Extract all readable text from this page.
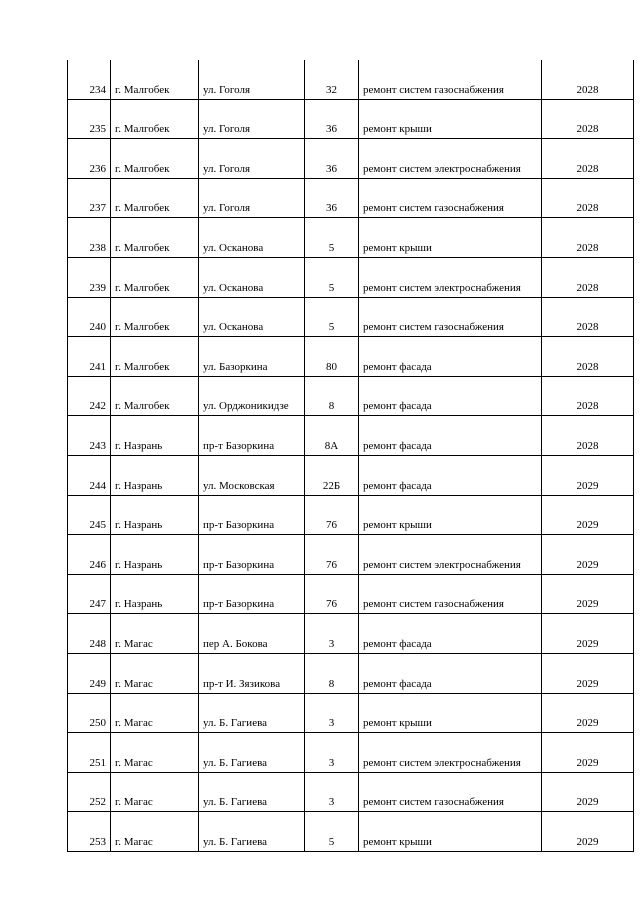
234	г. Малгобек	ул. Гоголя	32	ремонт систем газоснабжения	2028
235	г. Малгобек	ул. Гоголя	36	ремонт крыши	2028
236	г. Малгобек	ул. Гоголя	36	ремонт систем электроснабжения	2028
237	г. Малгобек	ул. Гоголя	36	ремонт систем газоснабжения	2028
238	г. Малгобек	ул. Осканова	5	ремонт крыши	2028
239	г. Малгобек	ул. Осканова	5	ремонт систем электроснабжения	2028
240	г. Малгобек	ул. Осканова	5	ремонт систем газоснабжения	2028
241	г. Малгобек	ул. Базоркина	80	ремонт фасада	2028
242	г. Малгобек	ул. Орджоникидзе	8	ремонт фасада	2028
243	г. Назрань	пр-т Базоркина	8А	ремонт фасада	2028
244	г. Назрань	ул. Московская	22Б	ремонт фасада	2029
245	г. Назрань	пр-т Базоркина	76	ремонт крыши	2029
246	г. Назрань	пр-т Базоркина	76	ремонт систем электроснабжения	2029
247	г. Назрань	пр-т Базоркина	76	ремонт систем газоснабжения	2029
248	г. Магас	пер А. Бокова	3	ремонт фасада	2029
249	г. Магас	пр-т И. Зязикова	8	ремонт фасада	2029
250	г. Магас	ул. Б. Гагиева	3	ремонт крыши	2029
251	г. Магас	ул. Б. Гагиева	3	ремонт систем электроснабжения	2029
252	г. Магас	ул. Б. Гагиева	3	ремонт систем газоснабжения	2029
253	г. Магас	ул. Б. Гагиева	5	ремонт крыши	2029
